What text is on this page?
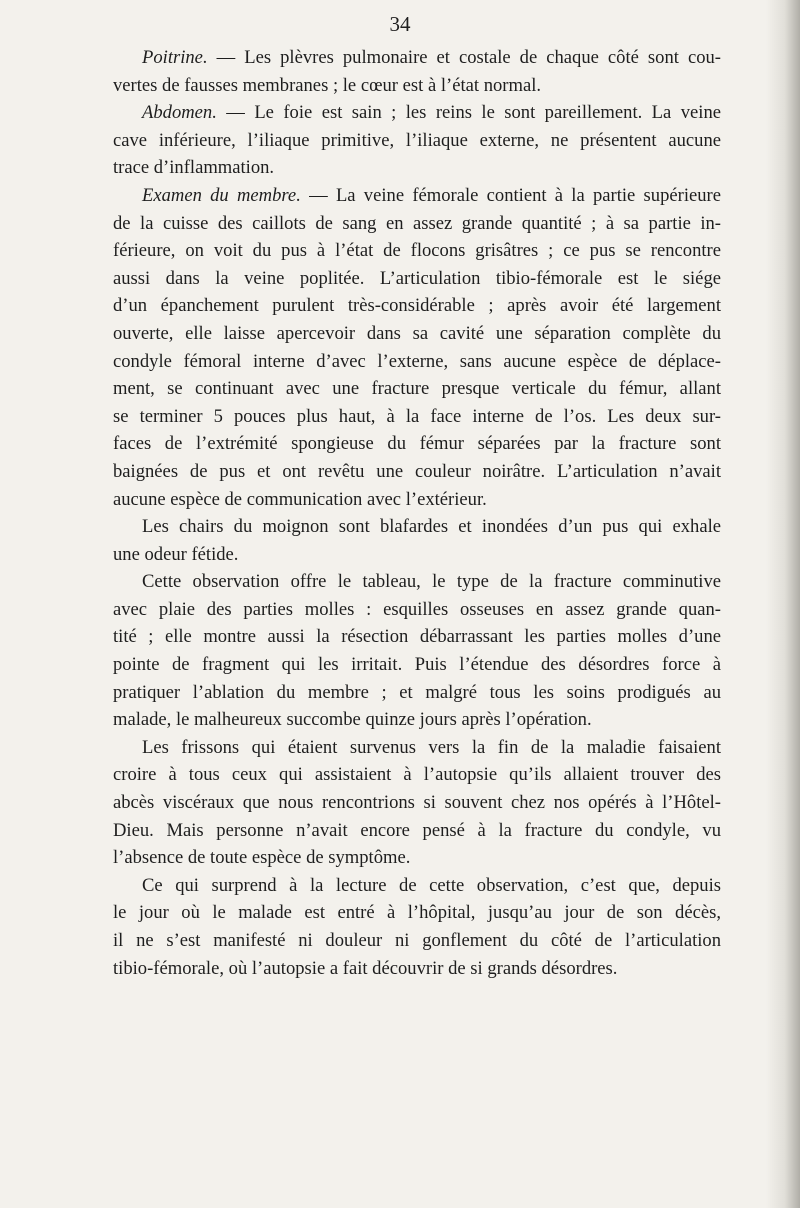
34
Poitrine. — Les plèvres pulmonaire et costale de chaque côté sont cou-
vertes de fausses membranes ; le cœur est à l’état normal.
Abdomen. — Le foie est sain ; les reins le sont pareillement. La veine
cave inférieure, l’iliaque primitive, l’iliaque externe, ne présentent aucune
trace d’inflammation.
Examen du membre. — La veine fémorale contient à la partie supérieure
de la cuisse des caillots de sang en assez grande quantité ; à sa partie in-
férieure, on voit du pus à l’état de flocons grisâtres ; ce pus se rencontre
aussi dans la veine poplitée. L’articulation tibio-fémorale est le siége
d’un épanchement purulent très-considérable ; après avoir été largement
ouverte, elle laisse apercevoir dans sa cavité une séparation complète du
condyle fémoral interne d’avec l’externe, sans aucune espèce de déplace-
ment, se continuant avec une fracture presque verticale du fémur, allant
se terminer 5 pouces plus haut, à la face interne de l’os. Les deux sur-
faces de l’extrémité spongieuse du fémur séparées par la fracture sont
baignées de pus et ont revêtu une couleur noirâtre. L’articulation n’avait
aucune espèce de communication avec l’extérieur.
Les chairs du moignon sont blafardes et inondées d’un pus qui exhale
une odeur fétide.
Cette observation offre le tableau, le type de la fracture comminutive
avec plaie des parties molles : esquilles osseuses en assez grande quan-
tité ; elle montre aussi la résection débarrassant les parties molles d’une
pointe de fragment qui les irritait. Puis l’étendue des désordres force à
pratiquer l’ablation du membre ; et malgré tous les soins prodigués au
malade, le malheureux succombe quinze jours après l’opération.
Les frissons qui étaient survenus vers la fin de la maladie faisaient
croire à tous ceux qui assistaient à l’autopsie qu’ils allaient trouver des
abcès viscéraux que nous rencontrions si souvent chez nos opérés à l’Hôtel-
Dieu. Mais personne n’avait encore pensé à la fracture du condyle, vu
l’absence de toute espèce de symptôme.
Ce qui surprend à la lecture de cette observation, c’est que, depuis
le jour où le malade est entré à l’hôpital, jusqu’au jour de son décès,
il ne s’est manifesté ni douleur ni gonflement du côté de l’articulation
tibio-fémorale, où l’autopsie a fait découvrir de si grands désordres.
